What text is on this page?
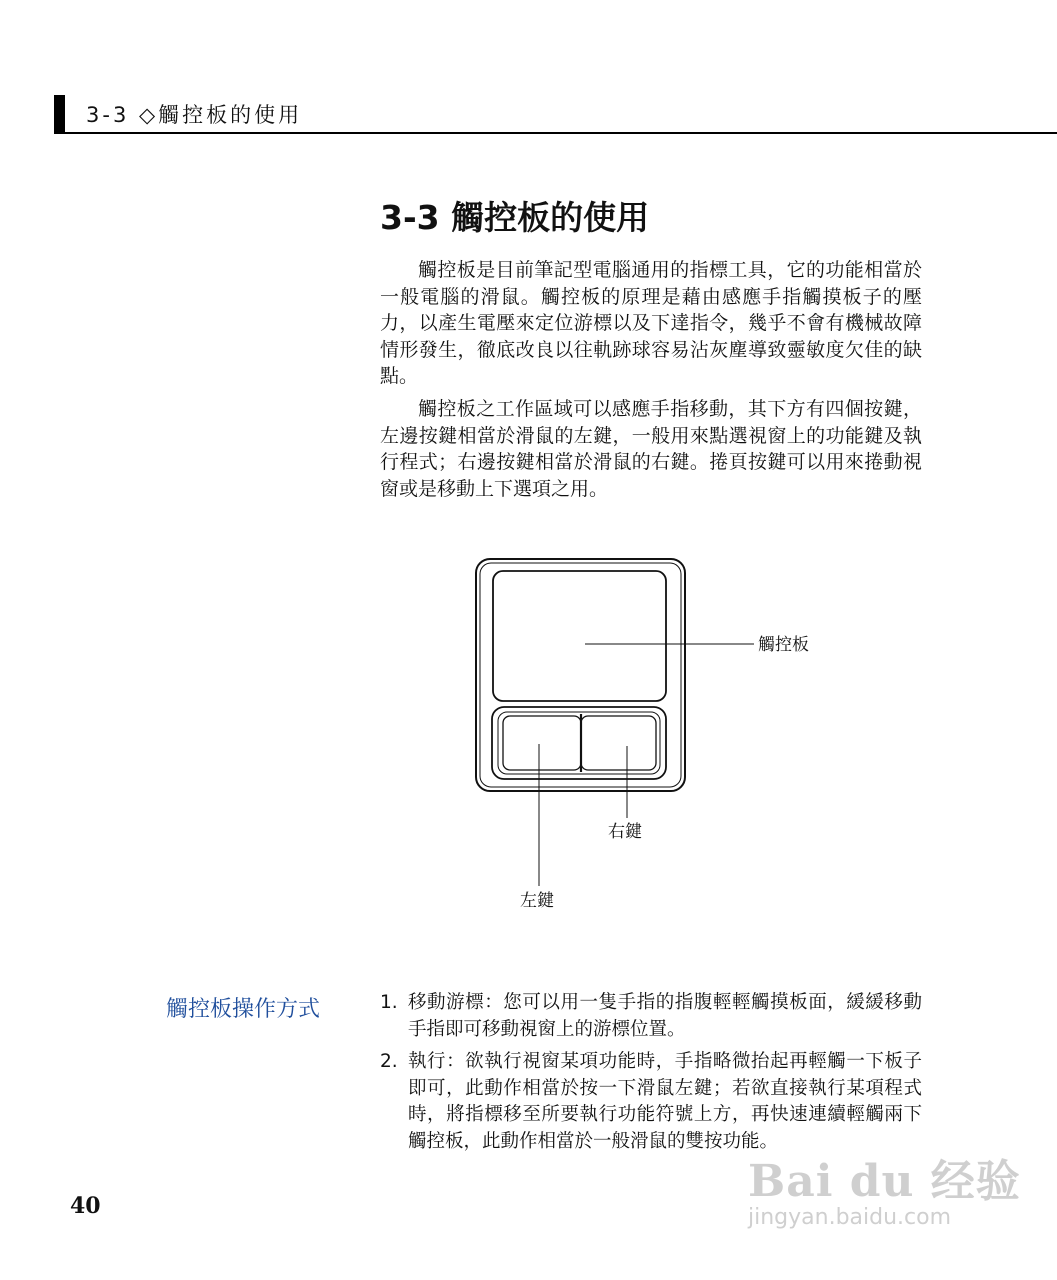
3-3 ◇觸控板的使用
3-3 觸控板的使用

觸控板是目前筆記型電腦通用的指標工具，它的功能相當於一般電腦的滑鼠。觸控板的原理是藉由感應手指觸摸板子的壓力，以產生電壓來定位游標以及下達指令，幾乎不會有機械故障情形發生，徹底改良以往軌跡球容易沾灰塵導致靈敏度欠佳的缺點。

觸控板之工作區域可以感應手指移動，其下方有四個按鍵，左邊按鍵相當於滑鼠的左鍵，一般用來點選視窗上的功能鍵及執行程式；右邊按鍵相當於滑鼠的右鍵。捲頁按鍵可以用來捲動視窗或是移動上下選項之用。

觸控板
右鍵
左鍵
觸控板操作方式	1. 移動游標：您可以用一隻手指的指腹輕輕觸摸板面，緩緩移動手指即可移動視窗上的游標位置。
2. 執行：欲執行視窗某項功能時，手指略微抬起再輕觸一下板子即可，此動作相當於按一下滑鼠左鍵；若欲直接執行某項程式時，將指標移至所要執行功能符號上方，再快速連續輕觸兩下觸控板，此動作相當於一般滑鼠的雙按功能。
40	Bai du 经验
jingyan.baidu.com
